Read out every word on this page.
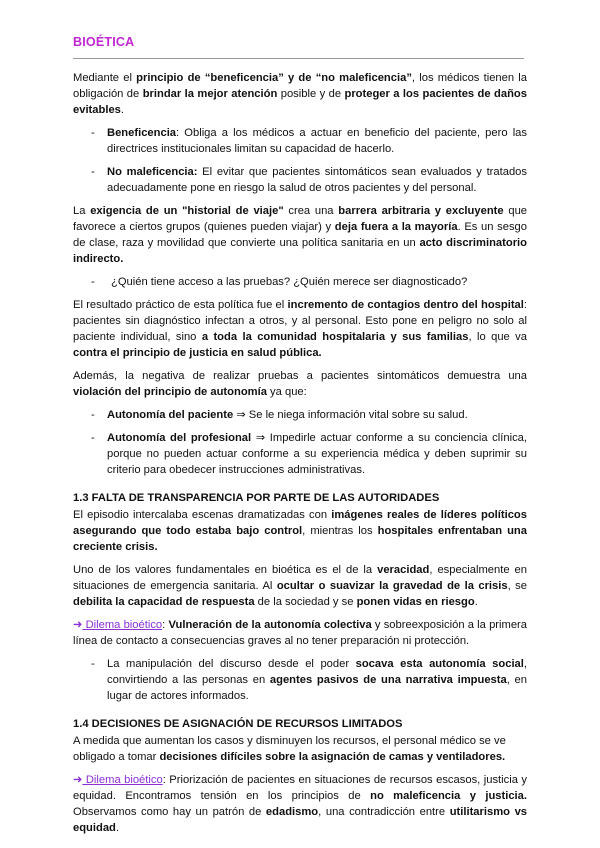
BIOÉTICA

Mediante el principio de “beneficencia” y de “no maleficencia”, los médicos tienen la obligación de brindar la mejor atención posible y de proteger a los pacientes de daños evitables.

-	Beneficencia: Obliga a los médicos a actuar en beneficio del paciente, pero las directrices institucionales limitan su capacidad de hacerlo.
-	No maleficencia: El evitar que pacientes sintomáticos sean evaluados y tratados adecuadamente pone en riesgo la salud de otros pacientes y del personal.

La exigencia de un "historial de viaje" crea una barrera arbitraria y excluyente que favorece a ciertos grupos (quienes pueden viajar) y deja fuera a la mayoría. Es un sesgo de clase, raza y movilidad que convierte una política sanitaria en un acto discriminatorio indirecto.

-	¿Quién tiene acceso a las pruebas? ¿Quién merece ser diagnosticado?

El resultado práctico de esta política fue el incremento de contagios dentro del hospital: pacientes sin diagnóstico infectan a otros, y al personal. Esto pone en peligro no solo al paciente individual, sino a toda la comunidad hospitalaria y sus familias, lo que va contra el principio de justicia en salud pública.

Además, la negativa de realizar pruebas a pacientes sintomáticos demuestra una violación del principio de autonomía ya que:

-	Autonomía del paciente ⇒ Se le niega información vital sobre su salud.
-	Autonomía del profesional ⇒ Impedirle actuar conforme a su conciencia clínica, porque no pueden actuar conforme a su experiencia médica y deben suprimir su criterio para obedecer instrucciones administrativas.
1.3 FALTA DE TRANSPARENCIA POR PARTE DE LAS AUTORIDADES

El episodio intercalaba escenas dramatizadas con imágenes reales de líderes políticos asegurando que todo estaba bajo control, mientras los hospitales enfrentaban una creciente crisis.

Uno de los valores fundamentales en bioética es el de la veracidad, especialmente en situaciones de emergencia sanitaria. Al ocultar o suavizar la gravedad de la crisis, se debilita la capacidad de respuesta de la sociedad y se ponen vidas en riesgo.

➜ Dilema bioético: Vulneración de la autonomía colectiva y sobreexposición a la primera línea de contacto a consecuencias graves al no tener preparación ni protección.

-	La manipulación del discurso desde el poder socava esta autonomía social, convirtiendo a las personas en agentes pasivos de una narrativa impuesta, en lugar de actores informados.
1.4 DECISIONES DE ASIGNACIÓN DE RECURSOS LIMITADOS

A medida que aumentan los casos y disminuyen los recursos, el personal médico se ve obligado a tomar decisiones difíciles sobre la asignación de camas y ventiladores.

➜ Dilema bioético: Priorización de pacientes en situaciones de recursos escasos, justicia y equidad. Encontramos tensión en los principios de no maleficencia y justicia. Observamos como hay un patrón de edadismo, una contradicción entre utilitarismo vs equidad.
